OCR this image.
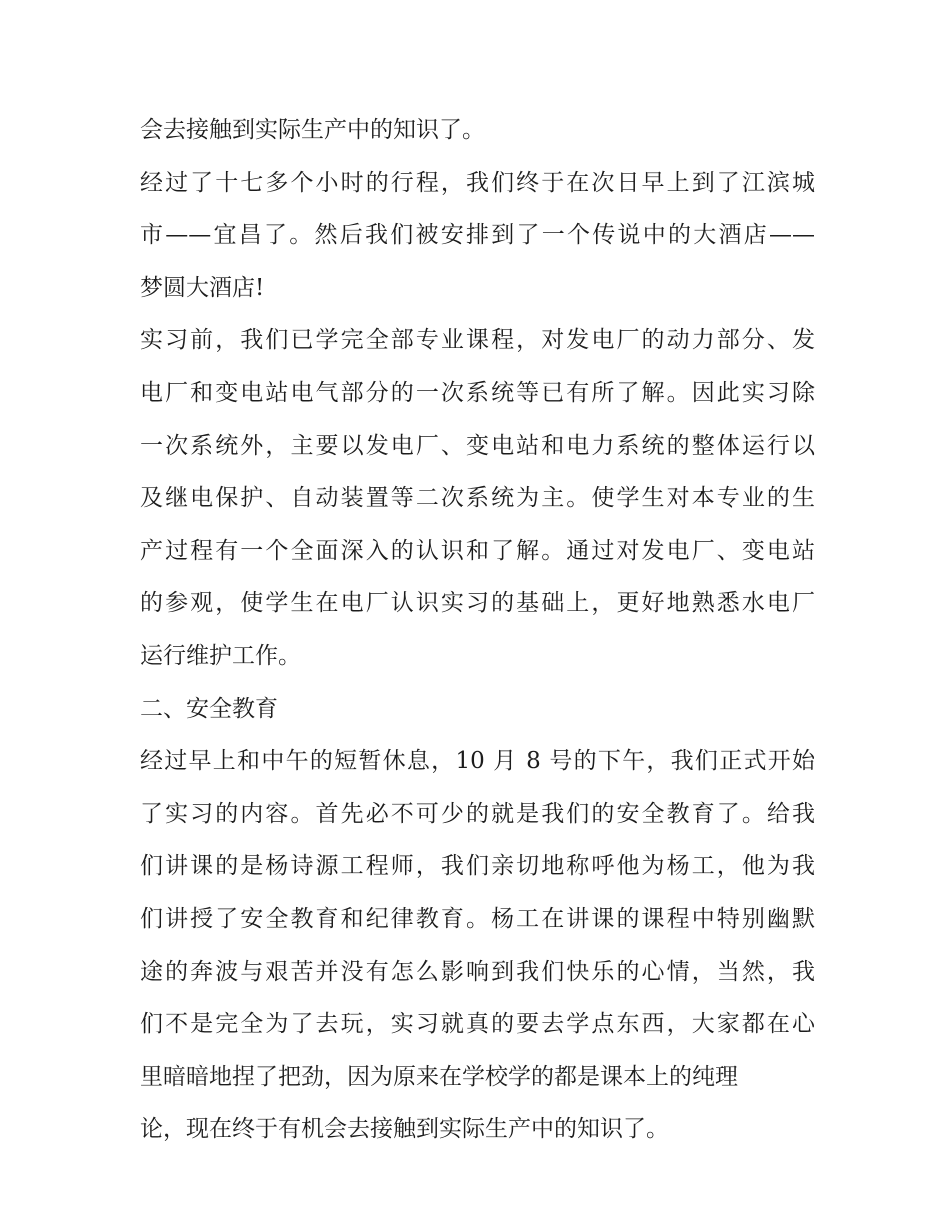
会去接触到实际生产中的知识了。
经过了十七多个小时的行程，我们终于在次日早上到了江滨城
市——宜昌了。然后我们被安排到了一个传说中的大酒店——
梦圆大酒店!
实习前，我们已学完全部专业课程，对发电厂的动力部分、发
电厂和变电站电气部分的一次系统等已有所了解。因此实习除
一次系统外，主要以发电厂、变电站和电力系统的整体运行以
及继电保护、自动装置等二次系统为主。使学生对本专业的生
产过程有一个全面深入的认识和了解。通过对发电厂、变电站
的参观，使学生在电厂认识实习的基础上，更好地熟悉水电厂
运行维护工作。
二、安全教育
经过早上和中午的短暂休息，10 月 8 号的下午，我们正式开始
了实习的内容。首先必不可少的就是我们的安全教育了。给我
们讲课的是杨诗源工程师，我们亲切地称呼他为杨工，他为我
们讲授了安全教育和纪律教育。杨工在讲课的课程中特别幽默
途的奔波与艰苦并没有怎么影响到我们快乐的心情，当然，我
们不是完全为了去玩，实习就真的要去学点东西，大家都在心
里暗暗地捏了把劲，因为原来在学校学的都是课本上的纯理
论，现在终于有机会去接触到实际生产中的知识了。
